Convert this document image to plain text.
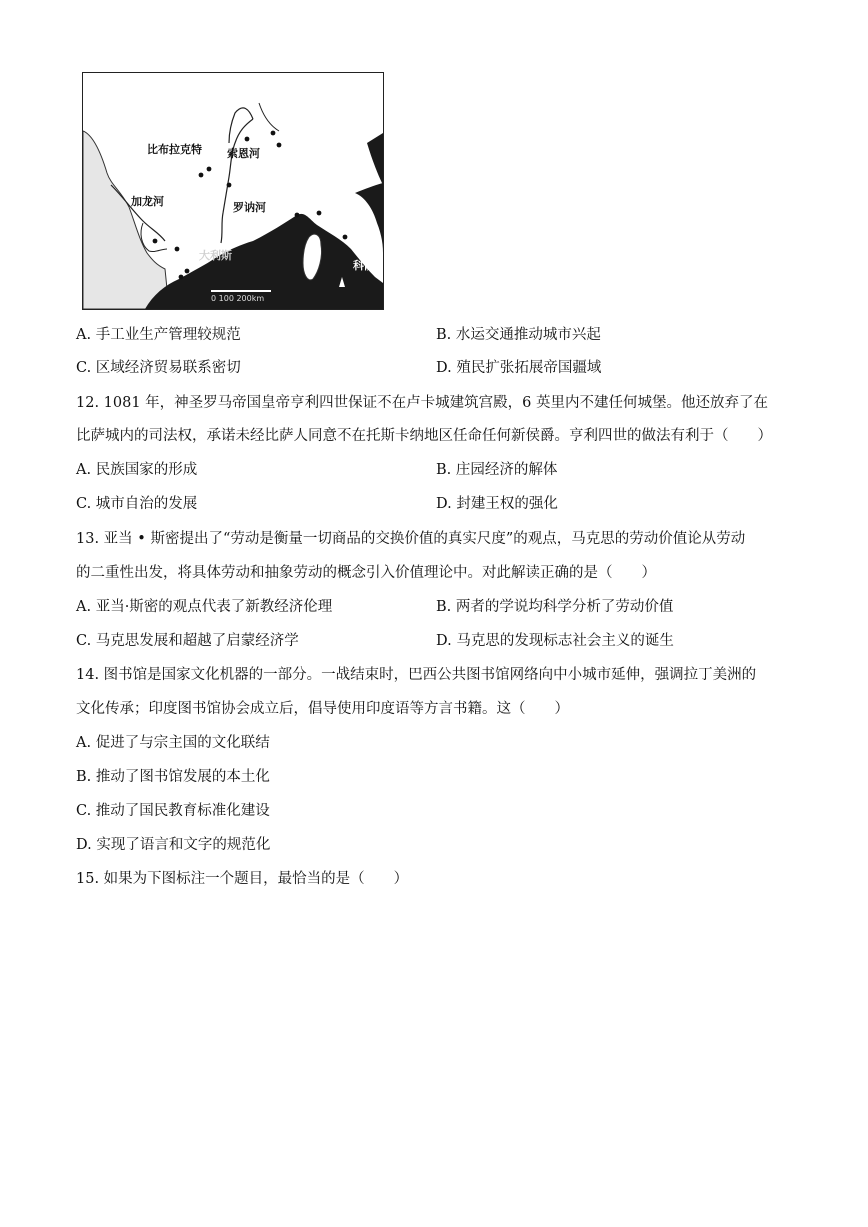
比布拉克特 索恩河
加龙河	罗讷河
大利斯
科萨
0 100 200km
A. 手工业生产管理较规范	B. 水运交通推动城市兴起
C. 区域经济贸易联系密切	D. 殖民扩张拓展帝国疆域
12. 1081 年，神圣罗马帝国皇帝亨利四世保证不在卢卡城建筑宫殿，6 英里内不建任何城堡。他还放弃了在
比萨城内的司法权，承诺未经比萨人同意不在托斯卡纳地区任命任何新侯爵。亨利四世的做法有利于（　　）
A. 民族国家的形成	B. 庄园经济的解体
C. 城市自治的发展	D. 封建王权的强化
13. 亚当 • 斯密提出了“劳动是衡量一切商品的交换价值的真实尺度”的观点，马克思的劳动价值论从劳动
的二重性出发，将具体劳动和抽象劳动的概念引入价值理论中。对此解读正确的是（　　）
A. 亚当·斯密的观点代表了新教经济伦理	B. 两者的学说均科学分析了劳动价值
C. 马克思发展和超越了启蒙经济学	D. 马克思的发现标志社会主义的诞生
14. 图书馆是国家文化机器的一部分。一战结束时，巴西公共图书馆网络向中小城市延伸，强调拉丁美洲的
文化传承；印度图书馆协会成立后，倡导使用印度语等方言书籍。这（　　）
A. 促进了与宗主国的文化联结
B. 推动了图书馆发展的本土化
C. 推动了国民教育标准化建设
D. 实现了语言和文字的规范化
15. 如果为下图标注一个题目，最恰当的是（　　）
